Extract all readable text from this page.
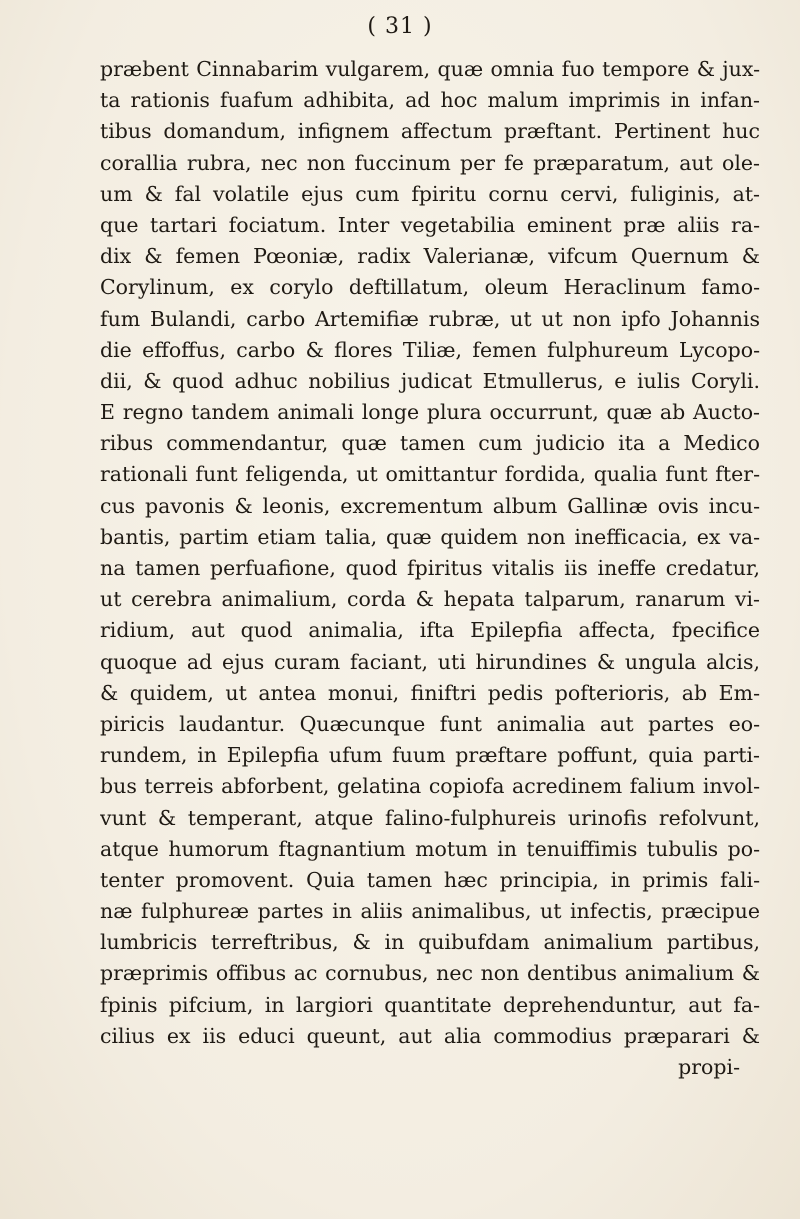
( 31 )
præbent Cinnabarim vulgarem, quæ omnia fuo tempore & jux-
ta rationis fuafum adhibita, ad hoc malum imprimis in infan-
tibus domandum, infignem affectum præftant. Pertinent huc
corallia rubra, nec non fuccinum per fe præparatum, aut ole-
um & fal volatile ejus cum fpiritu cornu cervi, fuliginis, at-
que tartari fociatum. Inter vegetabilia eminent præ aliis ra-
dix & femen Pœoniæ, radix Valerianæ, vifcum Quernum &
Corylinum, ex corylo deftillatum, oleum Heraclinum famo-
fum Bulandi, carbo Artemifiæ rubræ, ut ut non ipfo Johannis
die effoffus, carbo & flores Tiliæ, femen fulphureum Lycopo-
dii, & quod adhuc nobilius judicat Etmullerus, e iulis Coryli.
E regno tandem animali longe plura occurrunt, quæ ab Aucto-
ribus commendantur, quæ tamen cum judicio ita a Medico
rationali funt feligenda, ut omittantur fordida, qualia funt fter-
cus pavonis & leonis, excrementum album Gallinæ ovis incu-
bantis, partim etiam talia, quæ quidem non inefficacia, ex va-
na tamen perfuafione, quod fpiritus vitalis iis ineffe credatur,
ut cerebra animalium, corda & hepata talparum, ranarum vi-
ridium, aut quod animalia, ifta Epilepfia affecta, fpecifice
quoque ad ejus curam faciant, uti hirundines & ungula alcis,
& quidem, ut antea monui, finiftri pedis pofterioris, ab Em-
piricis laudantur. Quæcunque funt animalia aut partes eo-
rundem, in Epilepfia ufum fuum præftare poffunt, quia parti-
bus terreis abforbent, gelatina copiofa acredinem falium invol-
vunt & temperant, atque falino-fulphureis urinofis refolvunt,
atque humorum ftagnantium motum in tenuiffimis tubulis po-
tenter promovent. Quia tamen hæc principia, in primis fali-
næ fulphureæ partes in aliis animalibus, ut infectis, præcipue
lumbricis terreftribus, & in quibufdam animalium partibus,
præprimis offibus ac cornubus, nec non dentibus animalium &
fpinis pifcium, in largiori quantitate deprehenduntur, aut fa-
cilius ex iis educi queunt, aut alia commodius præparari &
propi-
